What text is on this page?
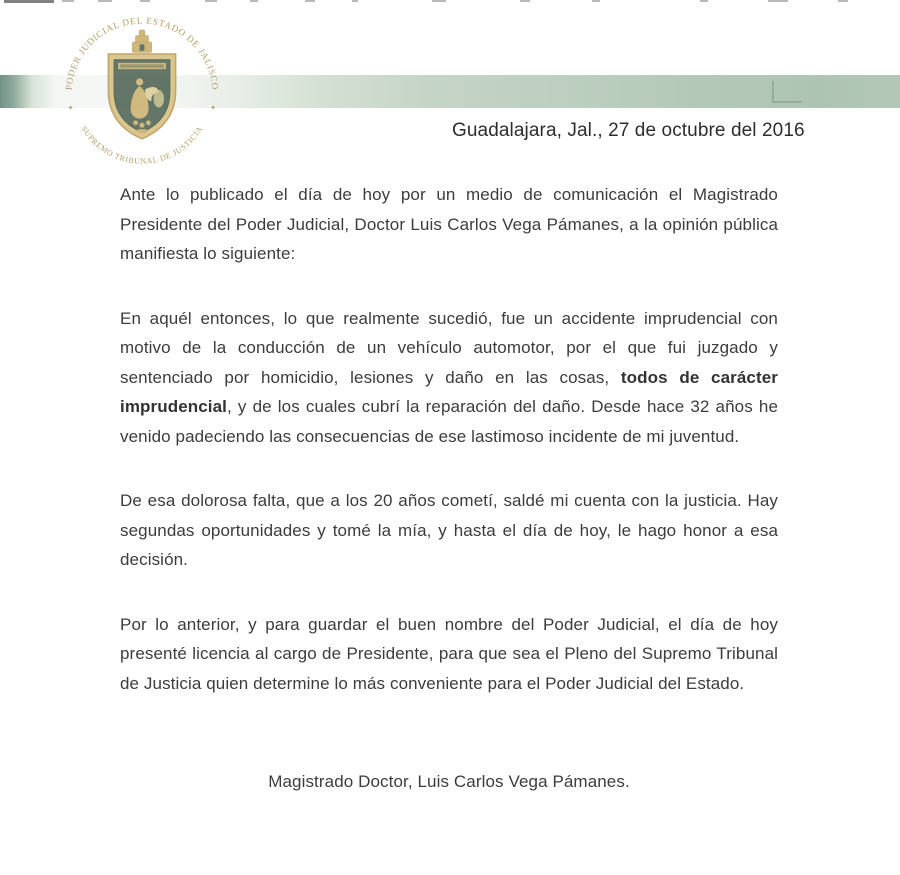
PODER JUDICIAL DEL ESTADO DE JALISCO
SUPREMO TRIBUNAL DE JUSTICIA
✦	✦
Guadalajara, Jal., 27 de octubre del 2016

Ante lo publicado el día de hoy por un medio de comunicación el Magistrado Presidente del Poder Judicial, Doctor Luis Carlos Vega Pámanes, a la opinión pública manifiesta lo siguiente:

En aquél entonces, lo que realmente sucedió, fue un accidente imprudencial con motivo de la conducción de un vehículo automotor, por el que fui juzgado y sentenciado por homicidio, lesiones y daño en las cosas, todos de carácter imprudencial, y de los cuales cubrí la reparación del daño. Desde hace 32 años he venido padeciendo las consecuencias de ese lastimoso incidente de mi juventud.

De esa dolorosa falta, que a los 20 años cometí, saldé mi cuenta con la justicia. Hay segundas oportunidades y tomé la mía, y hasta el día de hoy, le hago honor a esa decisión.

Por lo anterior, y para guardar el buen nombre del Poder Judicial, el día de hoy presenté licencia al cargo de Presidente, para que sea el Pleno del Supremo Tribunal de Justicia quien determine lo más conveniente para el Poder Judicial del Estado.

Magistrado Doctor, Luis Carlos Vega Pámanes.
